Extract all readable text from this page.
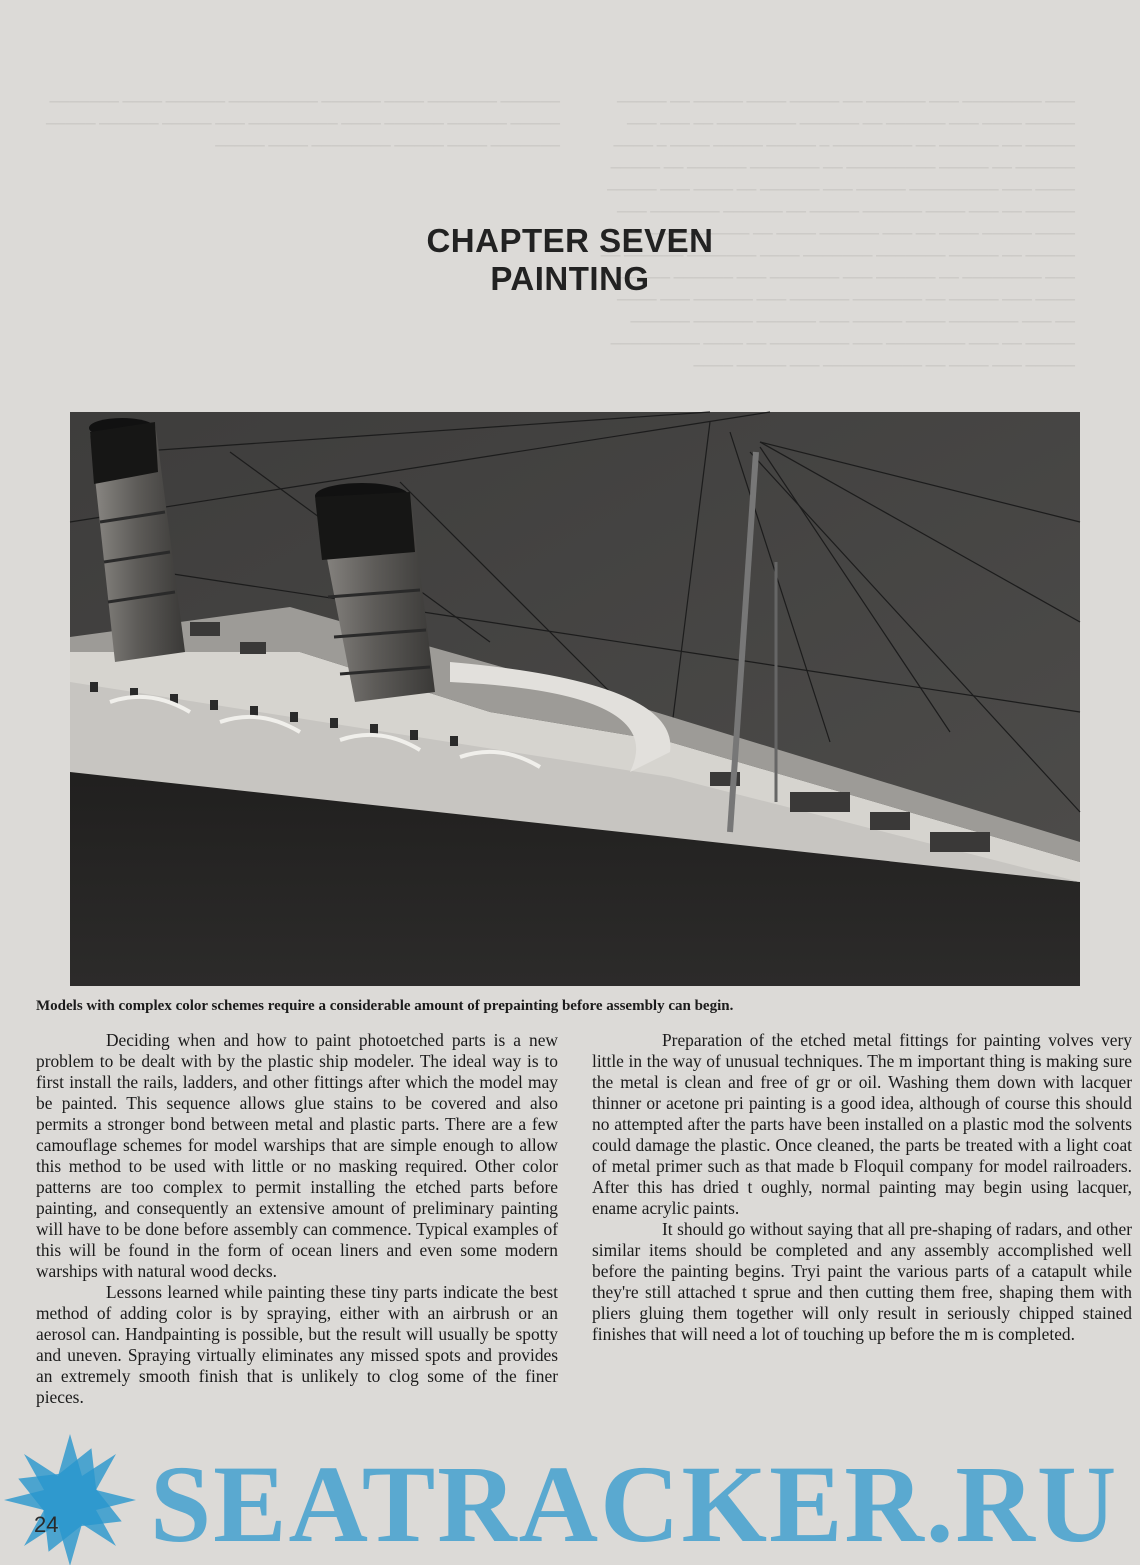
────── ─────── ──── ────── ───────── ────── ──── ───────
───── ────── ────── ──── ───────── ─── ───── ────── ─────
─────── ──── ───── ──────── ──── ─────
─── ──────── ─── ────── ── ───── ──── ───── ── ─────
───── ──── ─── ────── ── ────── ──────── ── ─── ───
───── ── ────── ── ──────── ─ ───── ───── ──── ─ ────
────── ── ───── ───────── ── ─────── ────── ── ─────
──── ─── ───────── ───── ─── ────── ── ──── ─── ─────
───── ── ─── ──── ────── ───── ── ────── ─────── ───
──── ───── ──── ── ─── ────── ──── ── ───── ───── ──
───── ── ───── ─────── ─────── ──── ─────── ────── ──
─── ──────── ── ────── ─── ─────── ─── ────── ─────
──── ─── ───── ── ─────── ────── ─── ────── ─── ────
── ─── ─────── ──── ───── ─── ────── ────── ──────
───── ── ─── ──────── ─── ──────── ── ──── ─────────
───── ─── ──── ── ────────── ─── ───── ────
CHAPTER SEVEN
PAINTING
Models with complex color schemes require a considerable amount of prepainting before assembly can begin.

Deciding when and how to paint photoetched parts is a new problem to be dealt with by the plastic ship modeler. The ideal way is to first install the rails, ladders, and other fittings after which the model may be painted. This sequence allows glue stains to be covered and also permits a stronger bond between metal and plastic parts. There are a few camouflage schemes for model warships that are simple enough to allow this method to be used with little or no masking required. Other color patterns are too complex to permit installing the etched parts before painting, and consequently an extensive amount of preliminary painting will have to be done before assembly can commence. Typical examples of this will be found in the form of ocean liners and even some modern warships with natural wood decks.

Lessons learned while painting these tiny parts indicate the best method of adding color is by spraying, either with an airbrush or an aerosol can. Handpainting is possible, but the result will usually be spotty and uneven. Spraying virtually eliminates any missed spots and provides an extremely smooth finish that is unlikely to clog some of the finer pieces.

Preparation of the etched metal fittings for painting volves very little in the way of unusual techniques. The m important thing is making sure the metal is clean and free of gr or oil. Washing them down with lacquer thinner or acetone pri painting is a good idea, although of course this should no attempted after the parts have been installed on a plastic mod the solvents could damage the plastic. Once cleaned, the parts be treated with a light coat of metal primer such as that made b Floquil company for model railroaders. After this has dried t oughly, normal painting may begin using lacquer, ename acrylic paints.

It should go without saying that all pre-shaping of radars, and other similar items should be completed and any assembly accomplished well before the painting begins. Tryi paint the various parts of a catapult while they're still attached t sprue and then cutting them free, shaping them with pliers gluing them together will only result in seriously chipped stained finishes that will need a lot of touching up before the m is completed.

SEATRACKER.RU
24
